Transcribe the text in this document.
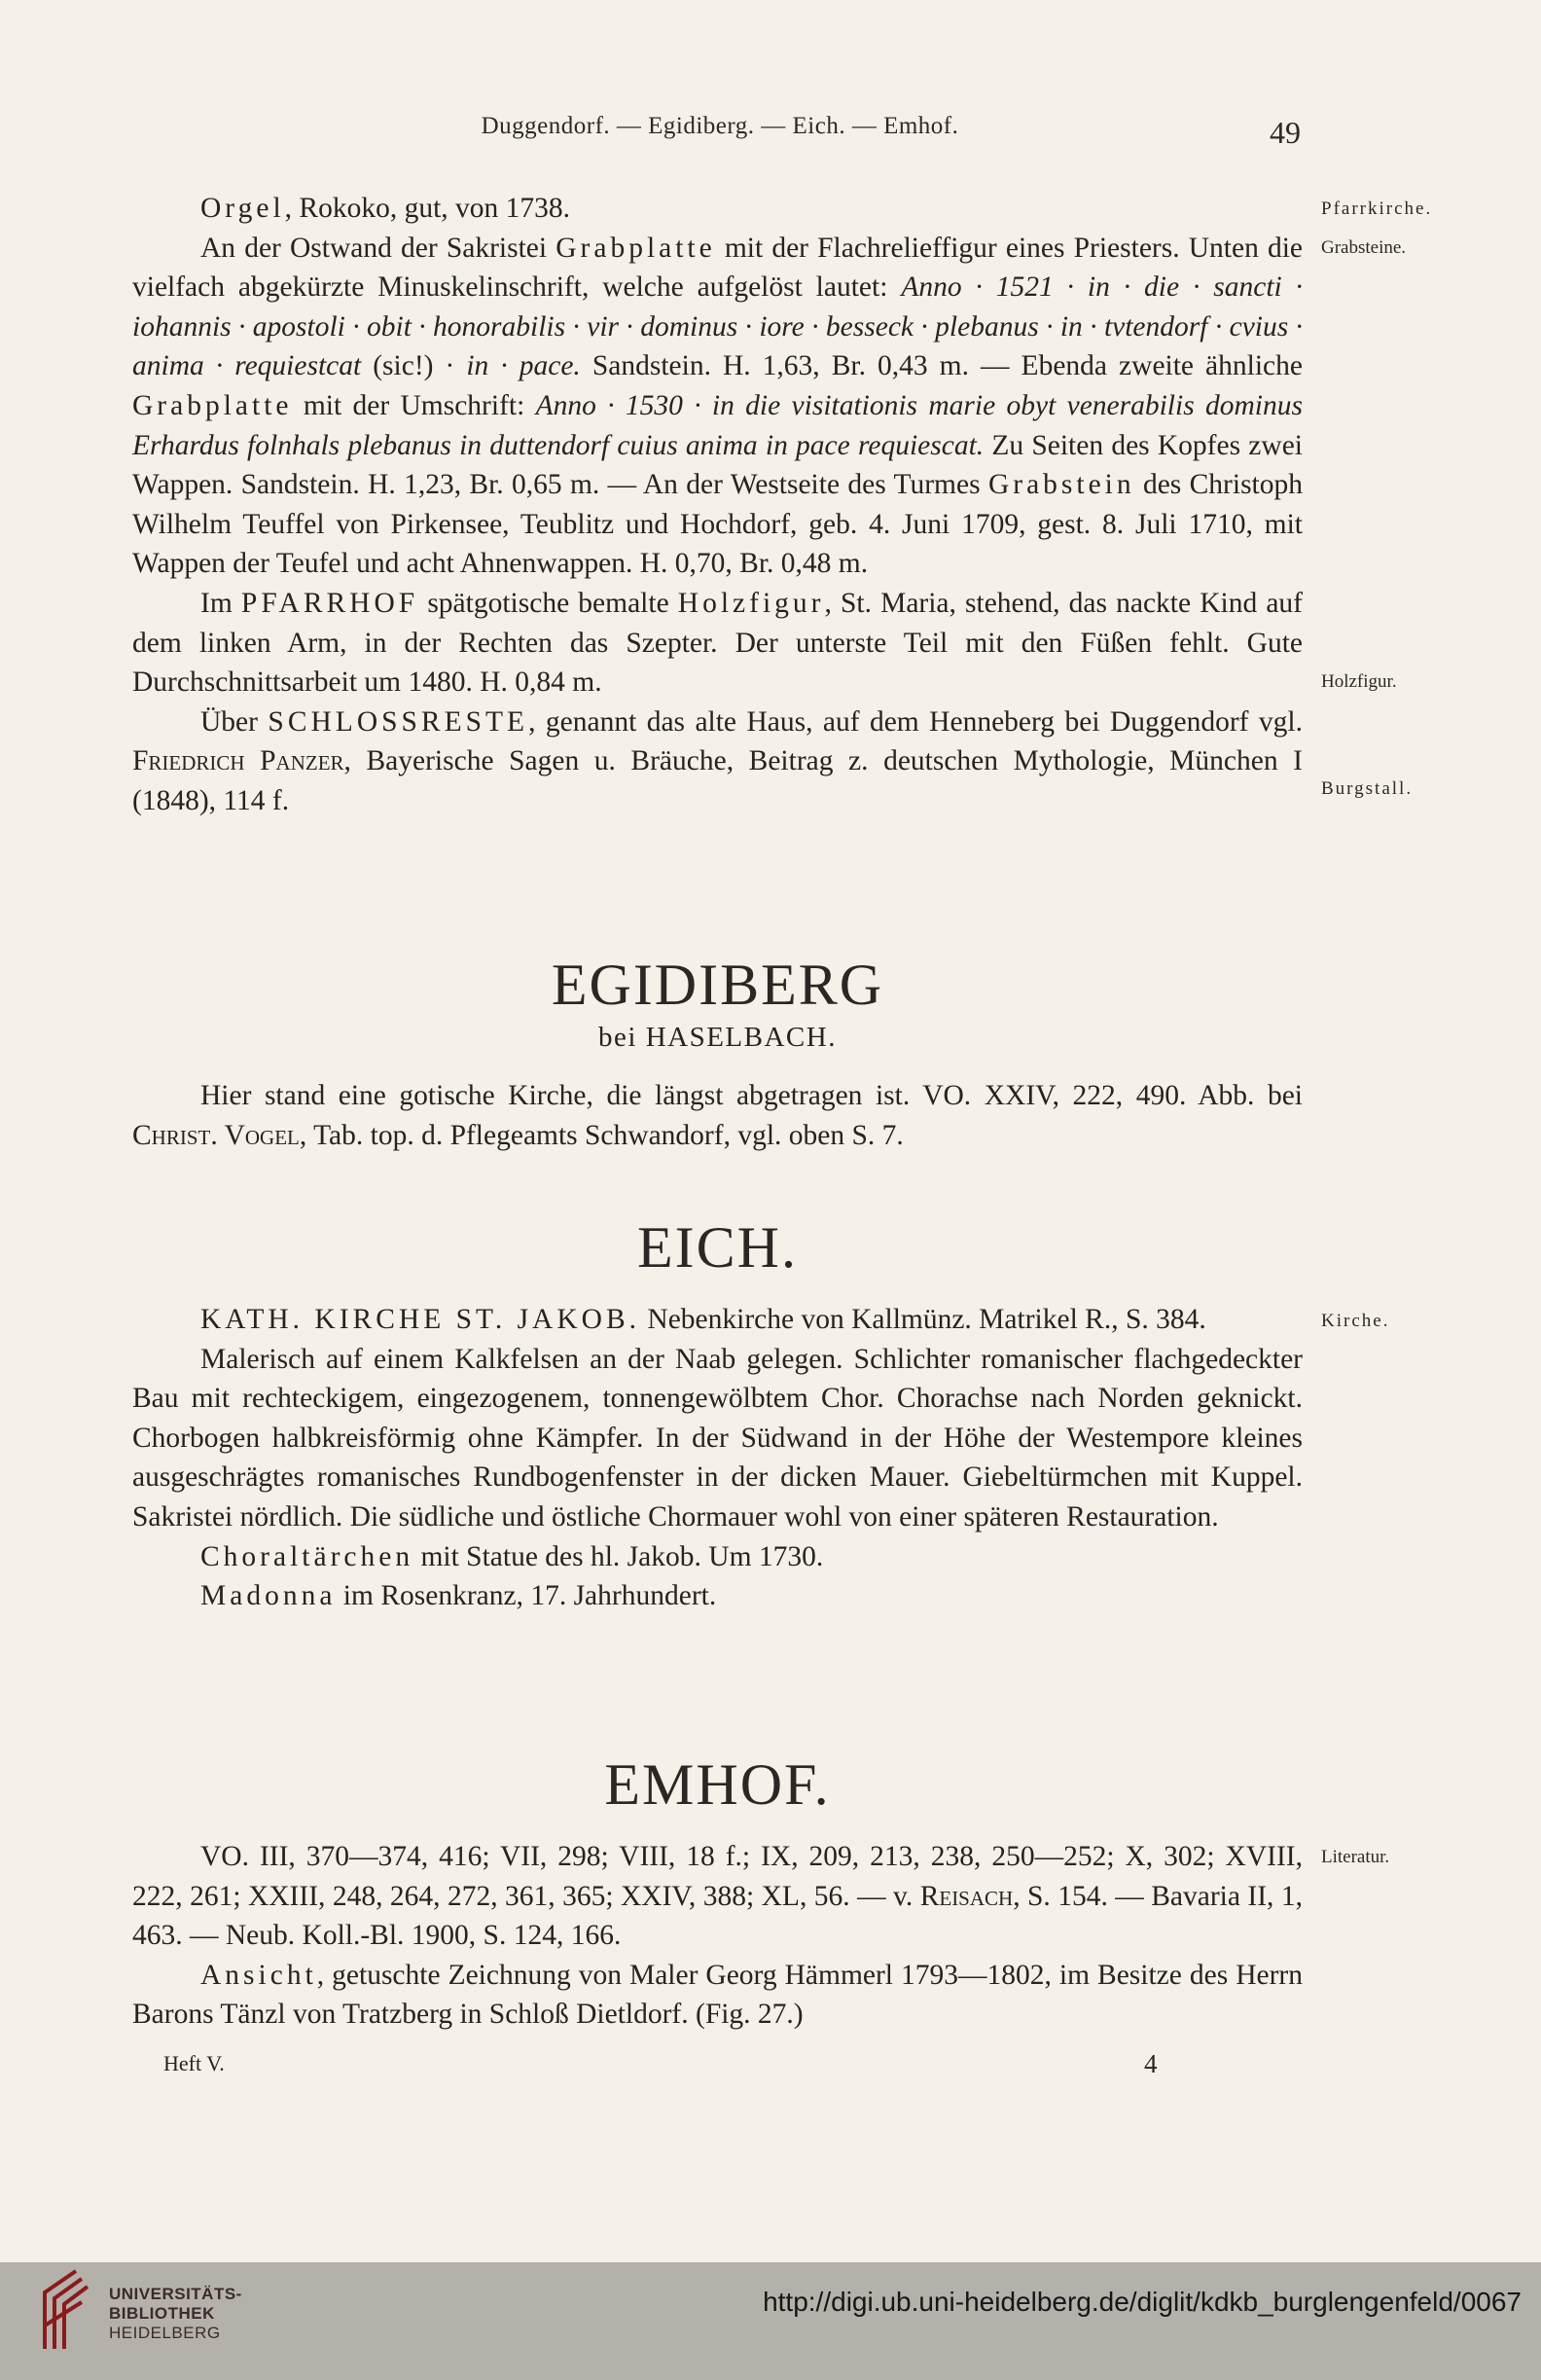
Duggendorf. — Egidiberg. — Eich. — Emhof.	49

Orgel, Rokoko, gut, von 1738.

An der Ostwand der Sakristei Grabplatte mit der Flachrelieffigur eines Priesters. Unten die vielfach abgekürzte Minuskelinschrift, welche aufgelöst lautet: Anno · 1521 · in · die · sancti · iohannis · apostoli · obit · honorabilis · vir · dominus · iore · besseck · plebanus · in · tvtendorf · cvius · anima · requiestcat (sic!) · in · pace. Sandstein. H. 1,63, Br. 0,43 m. — Ebenda zweite ähnliche Grabplatte mit der Umschrift: Anno · 1530 · in die visitationis marie obyt venerabilis dominus Erhardus folnhals plebanus in duttendorf cuius anima in pace requiescat. Zu Seiten des Kopfes zwei Wappen. Sandstein. H. 1,23, Br. 0,65 m. — An der Westseite des Turmes Grabstein des Christoph Wilhelm Teuffel von Pirkensee, Teublitz und Hochdorf, geb. 4. Juni 1709, gest. 8. Juli 1710, mit Wappen der Teufel und acht Ahnenwappen. H. 0,70, Br. 0,48 m.

Im PFARRHOF spätgotische bemalte Holzfigur, St. Maria, stehend, das nackte Kind auf dem linken Arm, in der Rechten das Szepter. Der unterste Teil mit den Füßen fehlt. Gute Durchschnittsarbeit um 1480. H. 0,84 m.

Über SCHLOSSRESTE, genannt das alte Haus, auf dem Henneberg bei Duggendorf vgl. Friedrich Panzer, Bayerische Sagen u. Bräuche, Beitrag z. deutschen Mythologie, München I (1848), 114 f.

Pfarrkirche.
Grabsteine.
Holzfigur.
Burgstall.
EGIDIBERG
bei HASELBACH.

Hier stand eine gotische Kirche, die längst abgetragen ist. VO. XXIV, 222, 490. Abb. bei Christ. Vogel, Tab. top. d. Pflegeamts Schwandorf, vgl. oben S. 7.

EICH.

KATH. KIRCHE ST. JAKOB. Nebenkirche von Kallmünz. Matrikel R., S. 384.

Malerisch auf einem Kalkfelsen an der Naab gelegen. Schlichter romanischer flachgedeckter Bau mit rechteckigem, eingezogenem, tonnengewölbtem Chor. Chorachse nach Norden geknickt. Chorbogen halbkreisförmig ohne Kämpfer. In der Südwand in der Höhe der Westempore kleines ausgeschrägtes romanisches Rundbogenfenster in der dicken Mauer. Giebeltürmchen mit Kuppel. Sakristei nördlich. Die südliche und östliche Chormauer wohl von einer späteren Restauration.

Choraltärchen mit Statue des hl. Jakob. Um 1730.

Madonna im Rosenkranz, 17. Jahrhundert.

Kirche.
EMHOF.

VO. III, 370—374, 416; VII, 298; VIII, 18 f.; IX, 209, 213, 238, 250—252; X, 302; XVIII, 222, 261; XXIII, 248, 264, 272, 361, 365; XXIV, 388; XL, 56. — v. Reisach, S. 154. — Bavaria II, 1, 463. — Neub. Koll.-Bl. 1900, S. 124, 166.

Ansicht, getuschte Zeichnung von Maler Georg Hämmerl 1793—1802, im Besitze des Herrn Barons Tänzl von Tratzberg in Schloß Dietldorf. (Fig. 27.)

Literatur.
Heft V.	4
UNIVERSITÄTS-
BIBLIOTHEK
HEIDELBERG
http://digi.ub.uni-heidelberg.de/diglit/kdkb_burglengenfeld/0067
